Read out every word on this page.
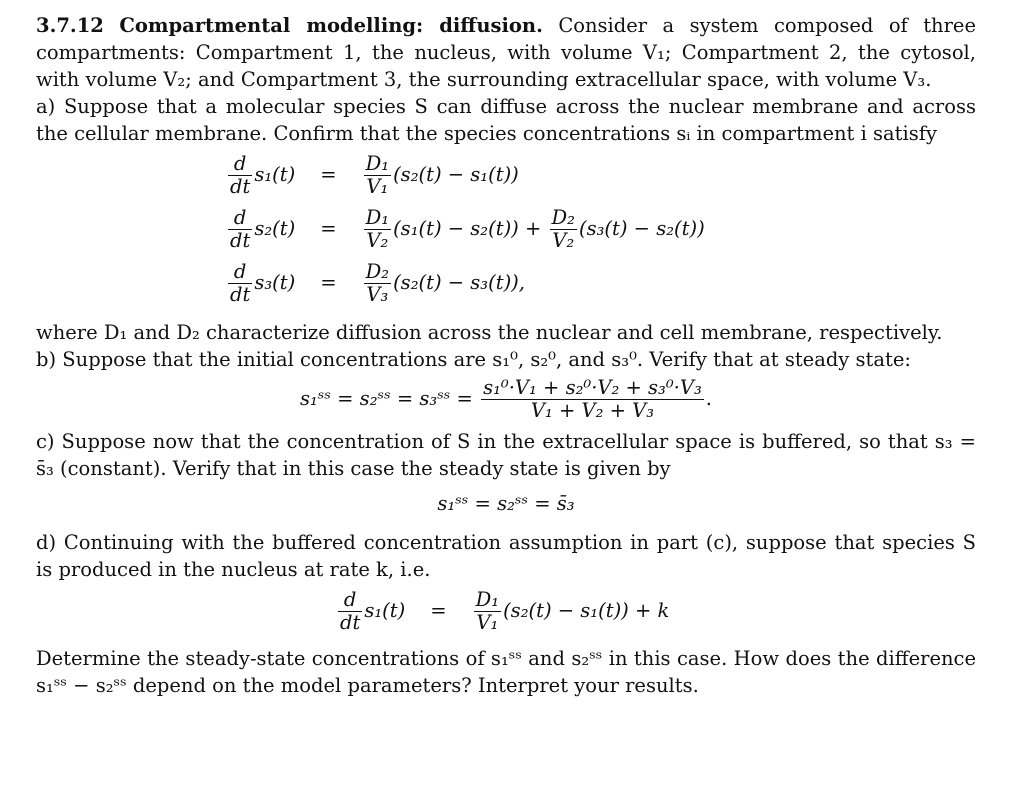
3.7.12 Compartmental modelling: diffusion. Consider a system composed of three compartments: Compartment 1, the nucleus, with volume V₁; Compartment 2, the cytosol, with volume V₂; and Compartment 3, the surrounding extracellular space, with volume V₃.

a) Suppose that a molecular species S can diffuse across the nuclear membrane and across the cellular membrane. Confirm that the species concentrations sᵢ in compartment i satisfy

$\frac{d}{dt} s_1(t) = \frac{\text{D₁}}{\text{V₁}} (s_2(t) - s_1(t))$
$\frac{d}{dt} s_2(t) = \frac{\text{D₁}}{\text{V₂}} (s_1(t) - s_2(t)) + \frac{\text{D₂}}{\text{V₂}} (s_3(t) - s_2(t))$
$\frac{d}{dt} s_3(t) = \frac{\text{D₂}}{\text{V₃}} (s_2(t) - s_3(t))$,

where D₁ and D₂ characterize diffusion across the nuclear and cell membrane, respectively.

b) Suppose that the initial concentrations are s₁⁰, s₂⁰, and s₃⁰. Verify that at steady state:

s₁ˢˢ = s₂ˢˢ = s₃ˢˢ = $\frac{\text{s₁⁰·V₁ + s₂⁰·V₂ + s₃⁰·V₃}}{\text{V₁ + V₂ + V₃}}$ .

c) Suppose now that the concentration of S in the extracellular space is buffered, so that s₃ = s̄₃ (constant). Verify that in this case the steady state is given by

s₁ˢˢ = s₂ˢˢ = s̄₃

d) Continuing with the buffered concentration assumption in part (c), suppose that species S is produced in the nucleus at rate k, i.e.

$\frac{d}{dt} s_1(t) = \frac{\text{D₁}}{\text{V₁}} (s_2(t) - s_1(t)) + k$

Determine the steady-state concentrations of s₁ˢˢ and s₂ˢˢ in this case. How does the difference s₁ˢˢ − s₂ˢˢ depend on the model parameters? Interpret your results.
